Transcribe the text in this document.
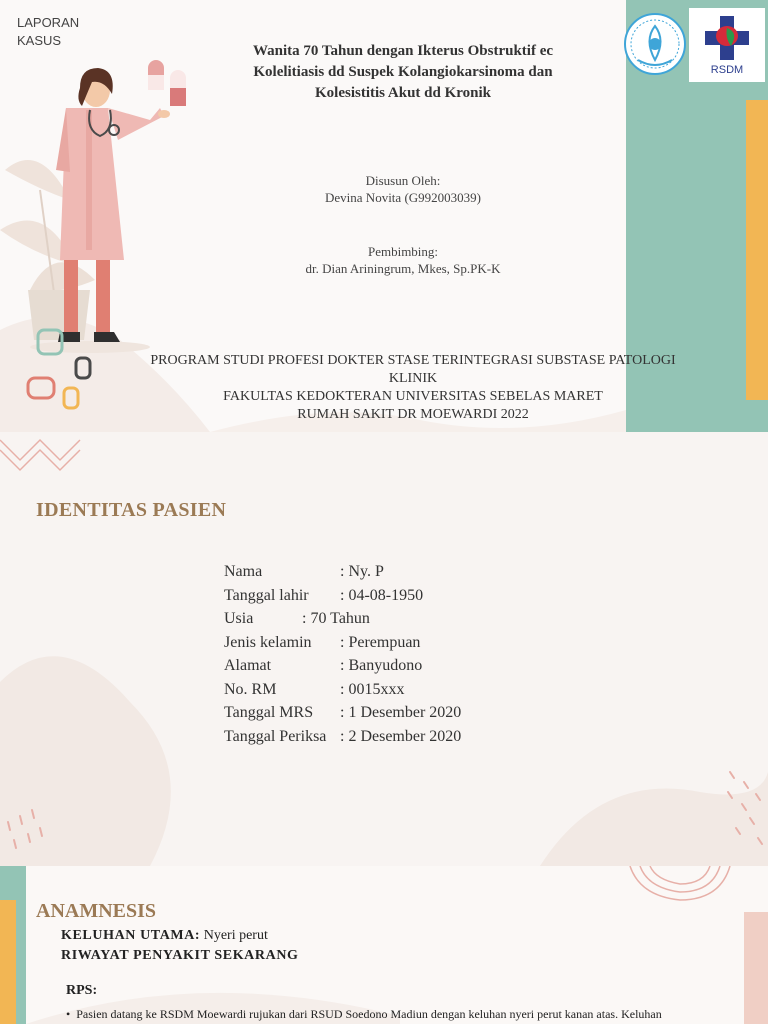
LAPORAN
KASUS
Wanita 70 Tahun dengan Ikterus Obstruktif ec
Kolelitiasis dd Suspek Kolangiokarsinoma dan
Kolesistitis Akut dd Kronik
Disusun Oleh:
Devina Novita (G992003039)
Pembimbing:
dr. Dian Ariningrum, Mkes, Sp.PK-K
PROGRAM STUDI PROFESI DOKTER STASE TERINTEGRASI SUBSTASE PATOLOGI
KLINIK
FAKULTAS KEDOKTERAN UNIVERSITAS SEBELAS MARET
RUMAH SAKIT DR MOEWARDI 2022
RSDM
IDENTITAS PASIEN
Nama	: Ny. P
Tanggal lahir : 04-08-1950
Usia	: 70 Tahun
Jenis kelamin : Perempuan
Alamat	: Banyudono
No. RM	: 0015xxx
Tanggal MRS : 1 Desember 2020
Tanggal Periksa : 2 Desember 2020
ANAMNESIS
KELUHAN UTAMA: Nyeri perut
RIWAYAT PENYAKIT SEKARANG
RPS:
•  Pasien datang ke RSDM Moewardi rujukan dari RSUD Soedono Madiun dengan keluhan nyeri perut kanan atas. Keluhan
